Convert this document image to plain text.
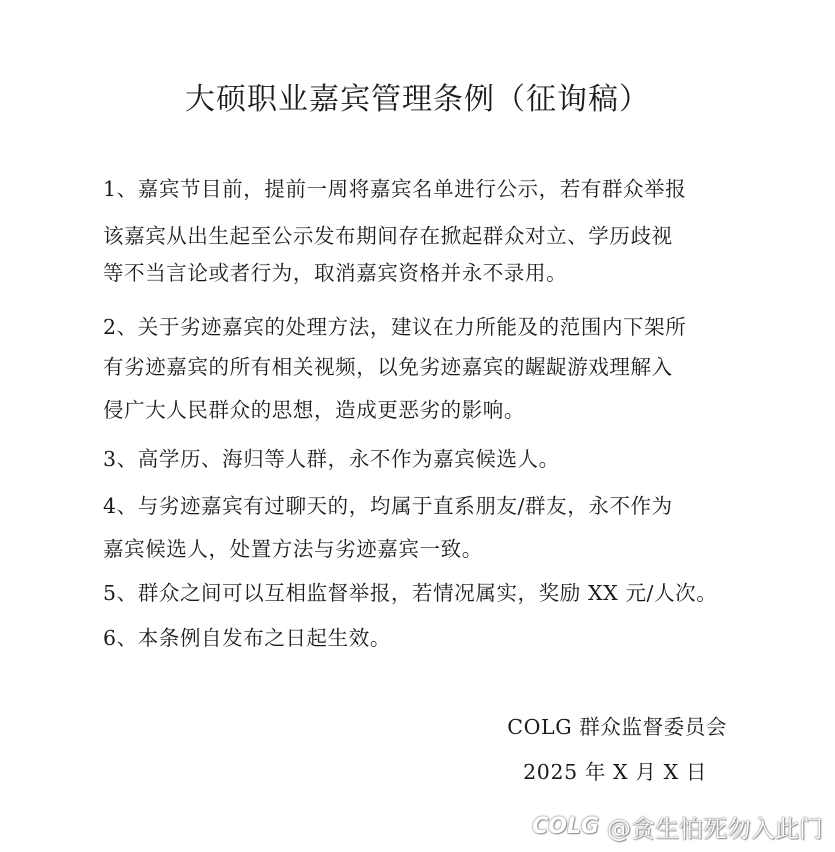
大硕职业嘉宾管理条例（征询稿）
1、嘉宾节目前，提前一周将嘉宾名单进行公示，若有群众举报
该嘉宾从出生起至公示发布期间存在掀起群众对立、学历歧视
等不当言论或者行为，取消嘉宾资格并永不录用。
2、关于劣迹嘉宾的处理方法，建议在力所能及的范围内下架所
有劣迹嘉宾的所有相关视频，以免劣迹嘉宾的龌龊游戏理解入
侵广大人民群众的思想，造成更恶劣的影响。
3、高学历、海归等人群，永不作为嘉宾候选人。
4、与劣迹嘉宾有过聊天的，均属于直系朋友/群友，永不作为
嘉宾候选人，处置方法与劣迹嘉宾一致。
5、群众之间可以互相监督举报，若情况属实，奖励 XX 元/人次。
6、本条例自发布之日起生效。
COLG 群众监督委员会
2025 年 X 月 X 日
COLG @贪生怕死勿入此门
